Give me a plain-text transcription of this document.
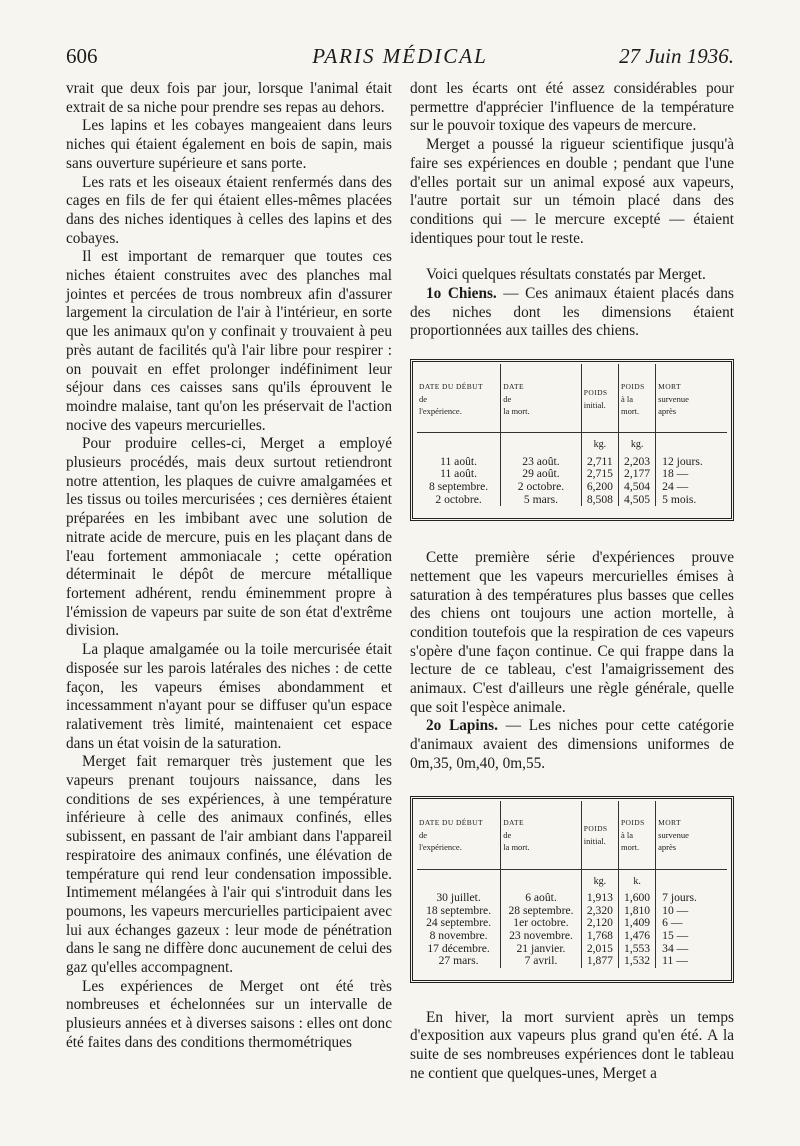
606	PARIS MÉDICAL	27 Juin 1936.

vrait que deux fois par jour, lorsque l'animal était extrait de sa niche pour prendre ses repas au dehors.

Les lapins et les cobayes mangeaient dans leurs niches qui étaient également en bois de sapin, mais sans ouverture supérieure et sans porte.

Les rats et les oiseaux étaient renfermés dans des cages en fils de fer qui étaient elles-mêmes placées dans des niches identiques à celles des lapins et des cobayes.

Il est important de remarquer que toutes ces niches étaient construites avec des planches mal jointes et percées de trous nombreux afin d'assurer largement la circulation de l'air à l'intérieur, en sorte que les animaux qu'on y confinait y trouvaient à peu près autant de facilités qu'à l'air libre pour respirer : on pouvait en effet prolonger indéfiniment leur séjour dans ces caisses sans qu'ils éprouvent le moindre malaise, tant qu'on les préservait de l'action nocive des vapeurs mercurielles.

Pour produire celles-ci, Merget a employé plusieurs procédés, mais deux surtout retiendront notre attention, les plaques de cuivre amalgamées et les tissus ou toiles mercurisées ; ces dernières étaient préparées en les imbibant avec une solution de nitrate acide de mercure, puis en les plaçant dans de l'eau fortement ammoniacale ; cette opération déterminait le dépôt de mercure métallique fortement adhérent, rendu éminemment propre à l'émission de vapeurs par suite de son état d'extrême division.

La plaque amalgamée ou la toile mercurisée était disposée sur les parois latérales des niches : de cette façon, les vapeurs émises abondamment et incessamment n'ayant pour se diffuser qu'un espace ralativement très limité, maintenaient cet espace dans un état voisin de la saturation.

Merget fait remarquer très justement que les vapeurs prenant toujours naissance, dans les conditions de ses expériences, à une température inférieure à celle des animaux confinés, elles subissent, en passant de l'air ambiant dans l'appareil respiratoire des animaux confinés, une élévation de température qui rend leur condensation impossible. Intimement mélangées à l'air qui s'introduit dans les poumons, les vapeurs mercurielles participaient avec lui aux échanges gazeux : leur mode de pénétration dans le sang ne diffère donc aucunement de celui des gaz qu'elles accompagnent.

Les expériences de Merget ont été très nombreuses et échelonnées sur un intervalle de plusieurs années et à diverses saisons : elles ont donc été faites dans des conditions thermométriques

dont les écarts ont été assez considérables pour permettre d'apprécier l'influence de la température sur le pouvoir toxique des vapeurs de mercure.

Merget a poussé la rigueur scientifique jusqu'à faire ses expériences en double ; pendant que l'une d'elles portait sur un animal exposé aux vapeurs, l'autre portait sur un témoin placé dans des conditions qui — le mercure excepté — étaient identiques pour tout le reste.

Voici quelques résultats constatés par Merget.

1o Chiens. — Ces animaux étaient placés dans des niches dont les dimensions étaient proportionnées aux tailles des chiens.

DATE DU DÉBUT
de
l'expérience.	DATE
de
la mort.	POIDS
initial.	POIDS
à la
mort.	MORT
survenue
après
		kg.	kg.	
11 août.	23 août.	2,711	2,203	12 jours.
11 août.	29 août.	2,715	2,177	18 —
8 septembre.	2 octobre.	6,200	4,504	24 —
2 octobre.	5 mars.	8,508	4,505	5 mois.

Cette première série d'expériences prouve nettement que les vapeurs mercurielles émises à saturation à des températures plus basses que celles des chiens ont toujours une action mortelle, à condition toutefois que la respiration de ces vapeurs s'opère d'une façon continue. Ce qui frappe dans la lecture de ce tableau, c'est l'amaigrissement des animaux. C'est d'ailleurs une règle générale, quelle que soit l'espèce animale.

2o Lapins. — Les niches pour cette catégorie d'animaux avaient des dimensions uniformes de 0m,35, 0m,40, 0m,55.

DATE DU DÉBUT
de
l'expérience.	DATE
de
la mort.	POIDS
initial.	POIDS
à la
mort.	MORT
survenue
après
		kg.	k.	
30 juillet.	6 août.	1,913	1,600	7 jours.
18 septembre.	28 septembre.	2,320	1,810	10 —
24 septembre.	1er octobre.	2,120	1,409	6 —
8 novembre.	23 novembre.	1,768	1,476	15 —
17 décembre.	21 janvier.	2,015	1,553	34 —
27 mars.	7 avril.	1,877	1,532	11 —

En hiver, la mort survient après un temps d'exposition aux vapeurs plus grand qu'en été. A la suite de ses nombreuses expériences dont le tableau ne contient que quelques-unes, Merget a
